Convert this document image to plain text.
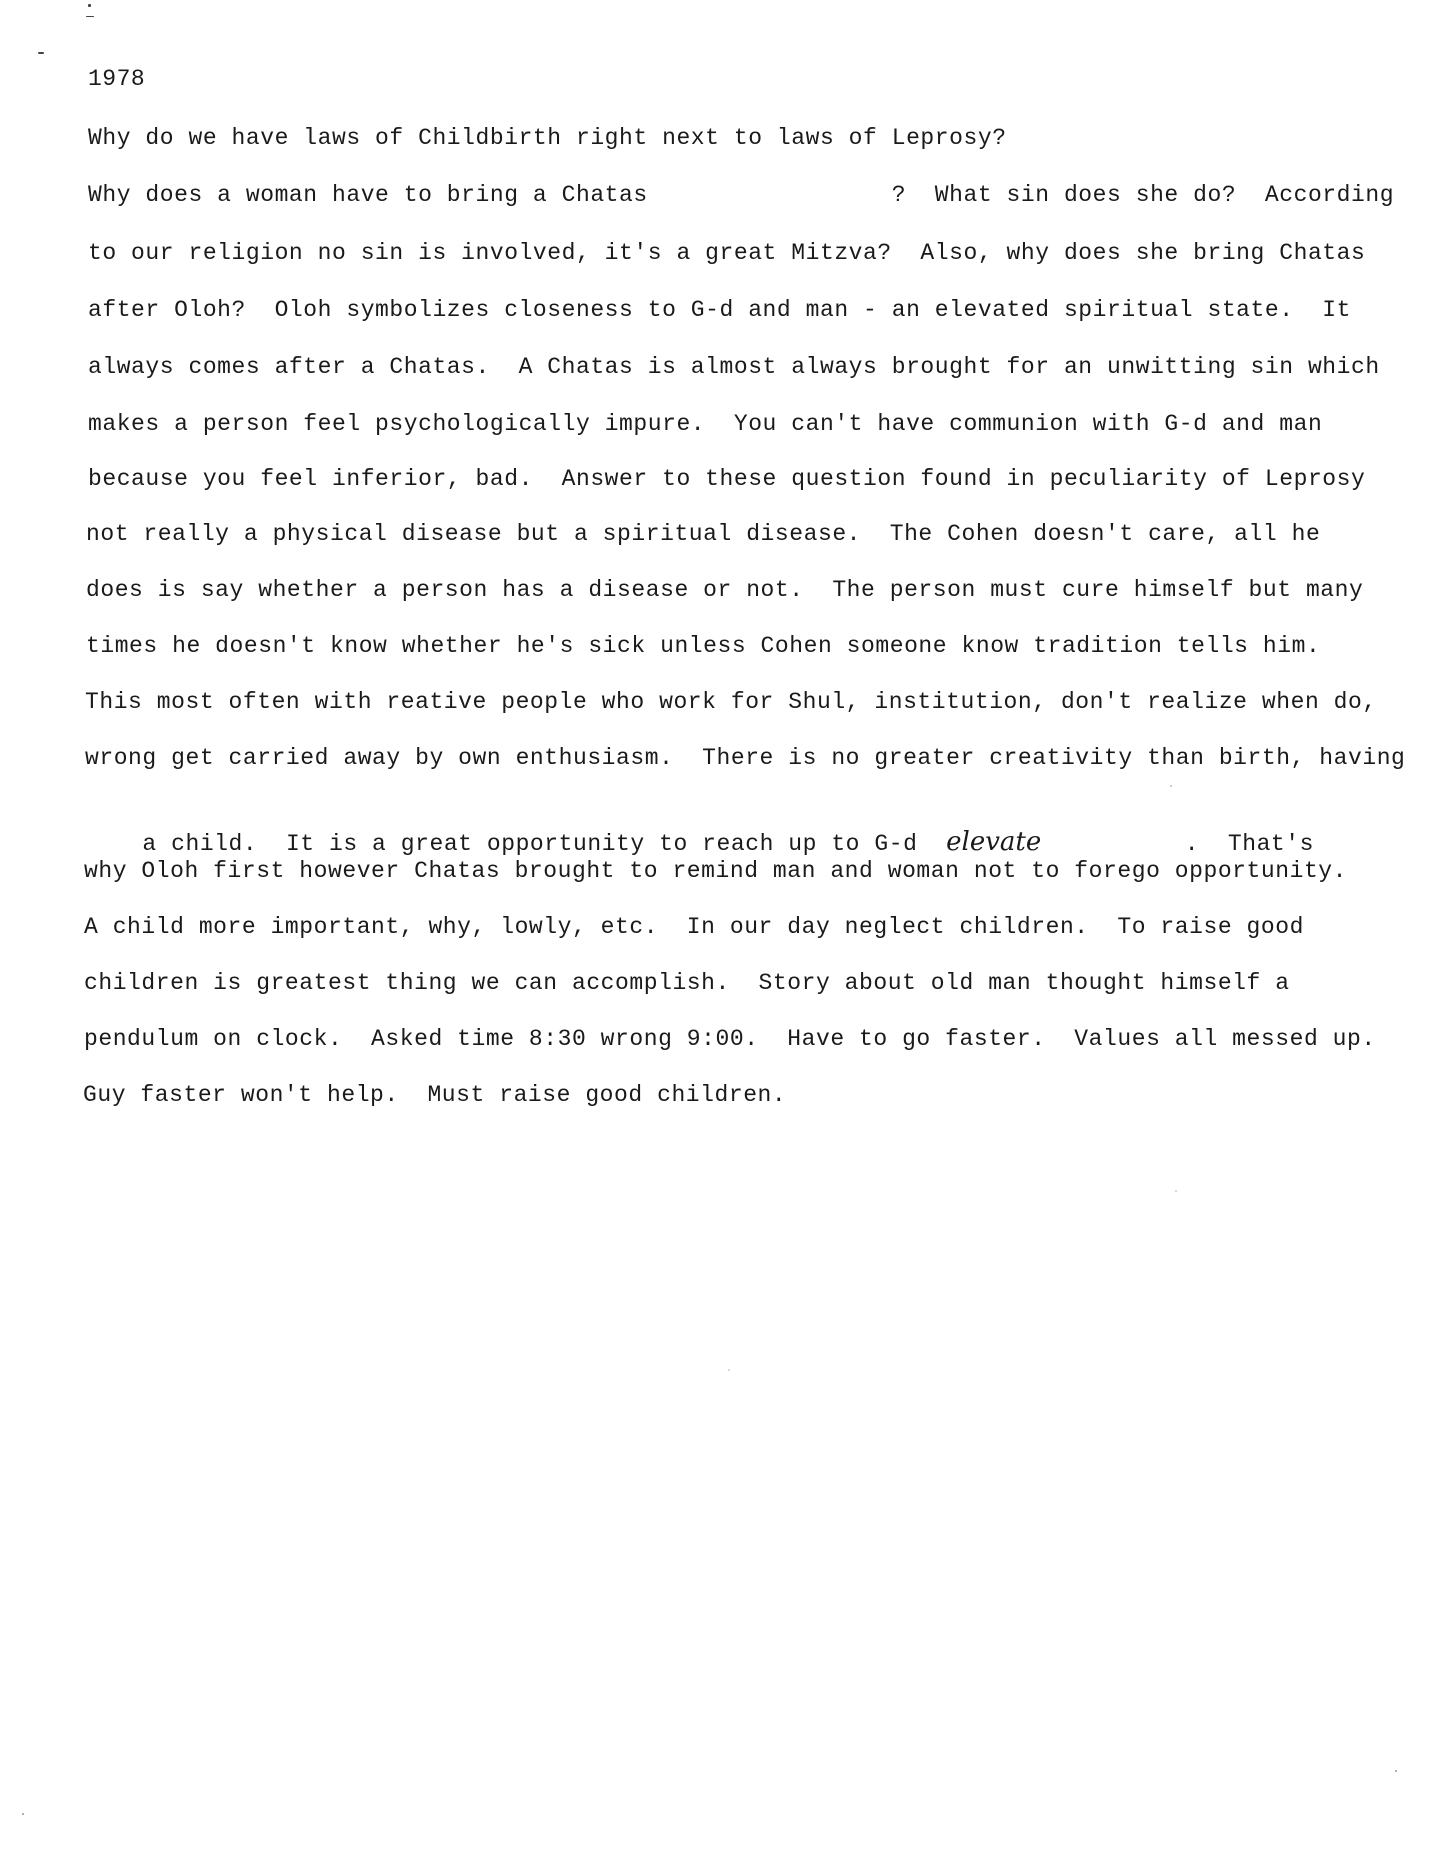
1978
Why do we have laws of Childbirth right next to laws of Leprosy?
Why does a woman have to bring a Chatas                 ?  What sin does she do?  According
to our religion no sin is involved, it's a great Mitzva?  Also, why does she bring Chatas
after Oloh?  Oloh symbolizes closeness to G-d and man - an elevated spiritual state.  It
always comes after a Chatas.  A Chatas is almost always brought for an unwitting sin which
makes a person feel psychologically impure.  You can't have communion with G-d and man
because you feel inferior, bad.  Answer to these question found in peculiarity of Leprosy
not really a physical disease but a spiritual disease.  The Cohen doesn't care, all he
does is say whether a person has a disease or not.  The person must cure himself but many
times he doesn't know whether he's sick unless Cohen someone know tradition tells him.
This most often with reative people who work for Shul, institution, don't realize when do,
wrong get carried away by own enthusiasm.  There is no greater creativity than birth, having

a child.  It is a great opportunity to reach up to G-d  elevate          .  That's

why Oloh first however Chatas brought to remind man and woman not to forego opportunity.
A child more important, why, lowly, etc.  In our day neglect children.  To raise good
children is greatest thing we can accomplish.  Story about old man thought himself a
pendulum on clock.  Asked time 8:30 wrong 9:00.  Have to go faster.  Values all messed up.
Guy faster won't help.  Must raise good children.
